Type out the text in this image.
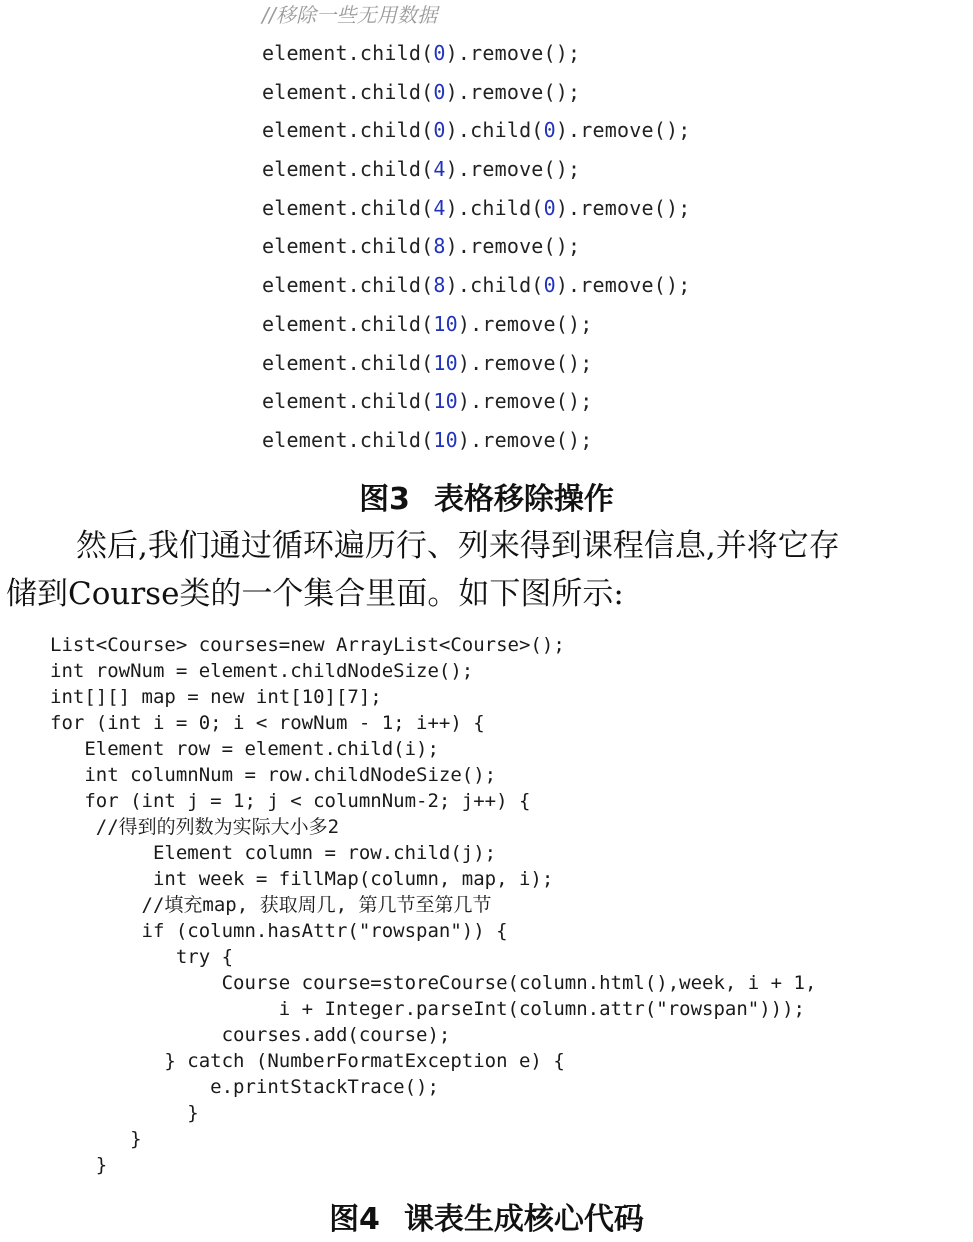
//移除一些无用数据
element.child(0).remove();
element.child(0).remove();
element.child(0).child(0).remove();
element.child(4).remove();
element.child(4).child(0).remove();
element.child(8).remove();
element.child(8).child(0).remove();
element.child(10).remove();
element.child(10).remove();
element.child(10).remove();
element.child(10).remove();
图3 表格移除操作
然后,我们通过循环遍历行、列来得到课程信息,并将它存
储到Course类的一个集合里面。如下图所示:
List<Course> courses=new ArrayList<Course>();
int rowNum = element.childNodeSize();
int[][] map = new int[10][7];
for (int i = 0; i < rowNum - 1; i++) {
Element row = element.child(i);
int columnNum = row.childNodeSize();
for (int j = 1; j < columnNum-2; j++) {
//得到的列数为实际大小多2
Element column = row.child(j);
int week = fillMap(column, map, i);
//填充map, 获取周几, 第几节至第几节
if (column.hasAttr("rowspan")) {
try {
Course course=storeCourse(column.html(),week, i + 1,
i + Integer.parseInt(column.attr("rowspan")));
courses.add(course);
} catch (NumberFormatException e) {
e.printStackTrace();
}
}
}
图4 课表生成核心代码
